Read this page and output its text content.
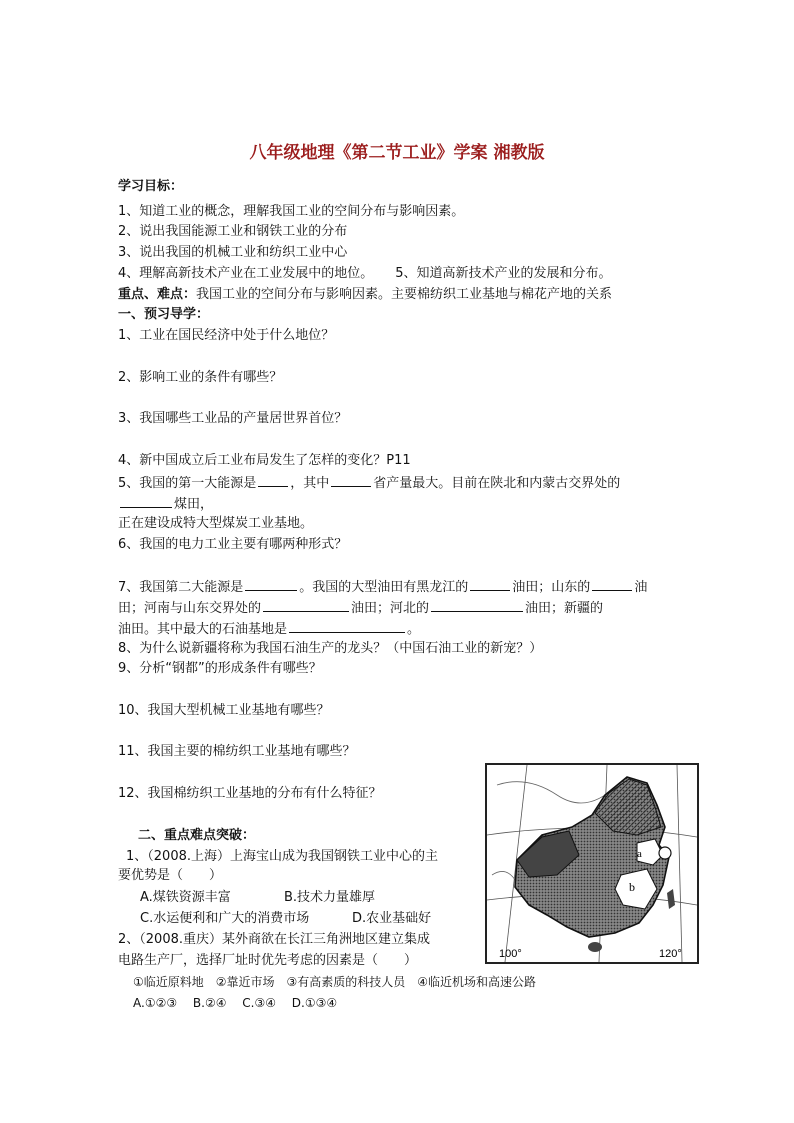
八年级地理《第二节工业》学案 湘教版
学习目标：
1、知道工业的概念，理解我国工业的空间分布与影响因素。
2、说出我国能源工业和钢铁工业的分布
3、说出我国的机械工业和纺织工业中心
4、理解高新技术产业在工业发展中的地位。 5、知道高新技术产业的发展和分布。
重点、难点：我国工业的空间分布与影响因素。主要棉纺织工业基地与棉花产地的关系
一、预习导学：
1、工业在国民经济中处于什么地位？
2、影响工业的条件有哪些？
3、我国哪些工业品的产量居世界首位？
4、新中国成立后工业布局发生了怎样的变化？P11
5、我国的第一大能源是	，其中	省产量最大。目前在陕北和内蒙古交界处的
煤田，
正在建设成特大型煤炭工业基地。
6、我国的电力工业主要有哪两种形式？
7、我国第二大能源是	。我国的大型油田有黑龙江的	油田；山东的	油
田；河南与山东交界处的	油田；河北的	油田；新疆的
油田。其中最大的石油基地是	。
8、为什么说新疆将称为我国石油生产的龙头？（中国石油工业的新宠？）
9、分析“钢都”的形成条件有哪些？
10、我国大型机械工业基地有哪些？
11、我国主要的棉纺织工业基地有哪些？
12、我国棉纺织工业基地的分布有什么特征？
二、重点难点突破：
1、（2008.上海）上海宝山成为我国钢铁工业中心的主
要优势是（　　）
A.煤铁资源丰富	B.技术力量雄厚
C.水运便利和广大的消费市场	D.农业基础好
2、（2008.重庆）某外商欲在长江三角洲地区建立集成
电路生产厂，选择厂址时优先考虑的因素是（　　）
①临近原料地　②靠近市场　③有高素质的科技人员　④临近机场和高速公路
A.①②③　 B.②④　 C.③④　 D.①③④
a
b
100°	120°
